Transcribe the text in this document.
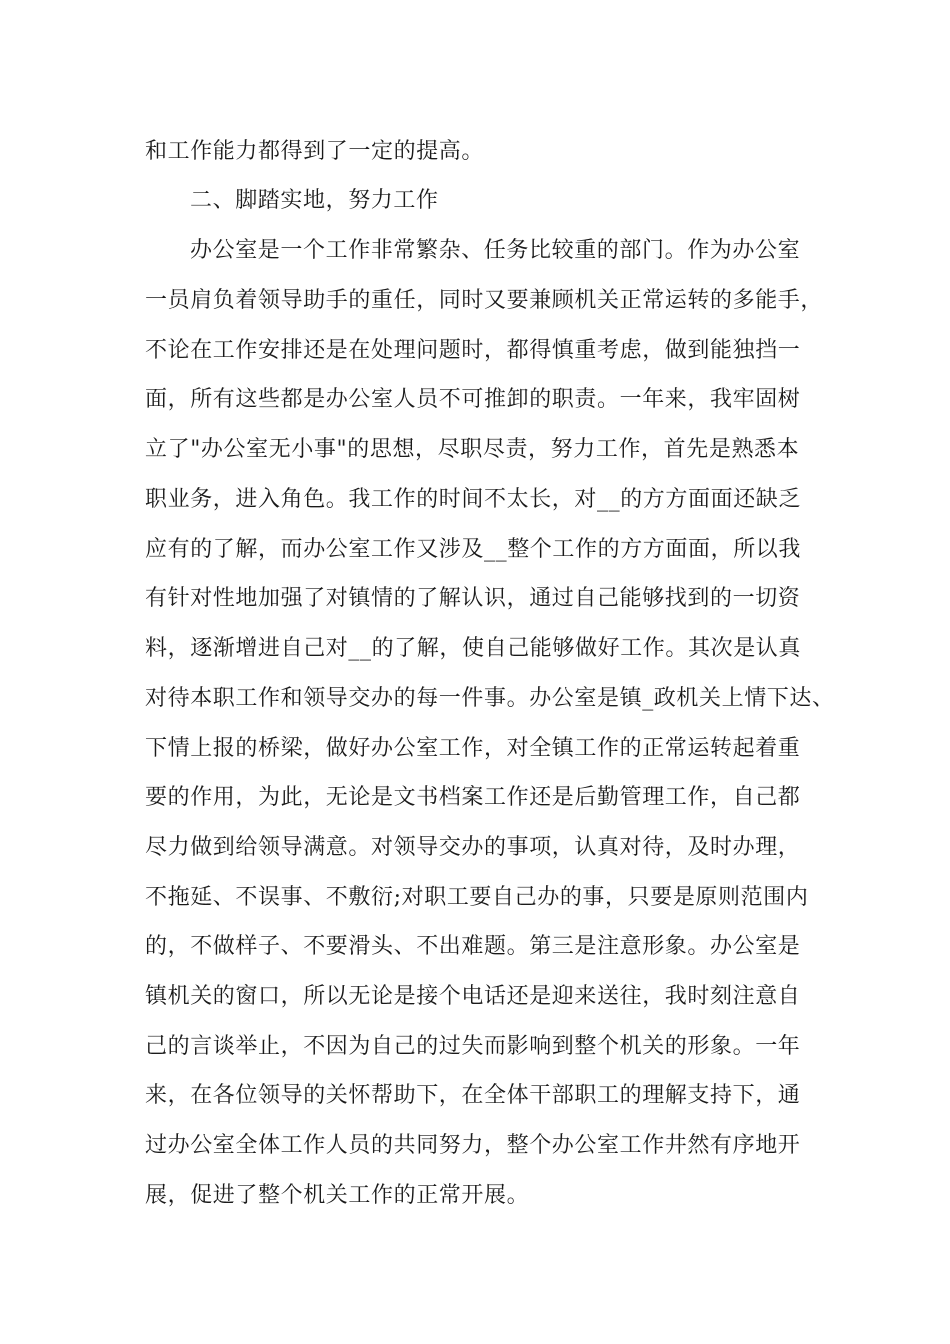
和工作能力都得到了一定的提高。
二、脚踏实地，努力工作
办公室是一个工作非常繁杂、任务比较重的部门。作为办公室
一员肩负着领导助手的重任，同时又要兼顾机关正常运转的多能手，
不论在工作安排还是在处理问题时，都得慎重考虑，做到能独挡一
面，所有这些都是办公室人员不可推卸的职责。一年来，我牢固树
立了"办公室无小事"的思想，尽职尽责，努力工作，首先是熟悉本
职业务，进入角色。我工作的时间不太长，对__的方方面面还缺乏
应有的了解，而办公室工作又涉及__整个工作的方方面面，所以我
有针对性地加强了对镇情的了解认识，通过自己能够找到的一切资
料，逐渐增进自己对__的了解，使自己能够做好工作。其次是认真
对待本职工作和领导交办的每一件事。办公室是镇_政机关上情下达、
下情上报的桥梁，做好办公室工作，对全镇工作的正常运转起着重
要的作用，为此，无论是文书档案工作还是后勤管理工作，自己都
尽力做到给领导满意。对领导交办的事项，认真对待，及时办理，
不拖延、不误事、不敷衍;对职工要自己办的事，只要是原则范围内
的，不做样子、不要滑头、不出难题。第三是注意形象。办公室是
镇机关的窗口，所以无论是接个电话还是迎来送往，我时刻注意自
己的言谈举止，不因为自己的过失而影响到整个机关的形象。一年
来，在各位领导的关怀帮助下，在全体干部职工的理解支持下，通
过办公室全体工作人员的共同努力，整个办公室工作井然有序地开
展，促进了整个机关工作的正常开展。
